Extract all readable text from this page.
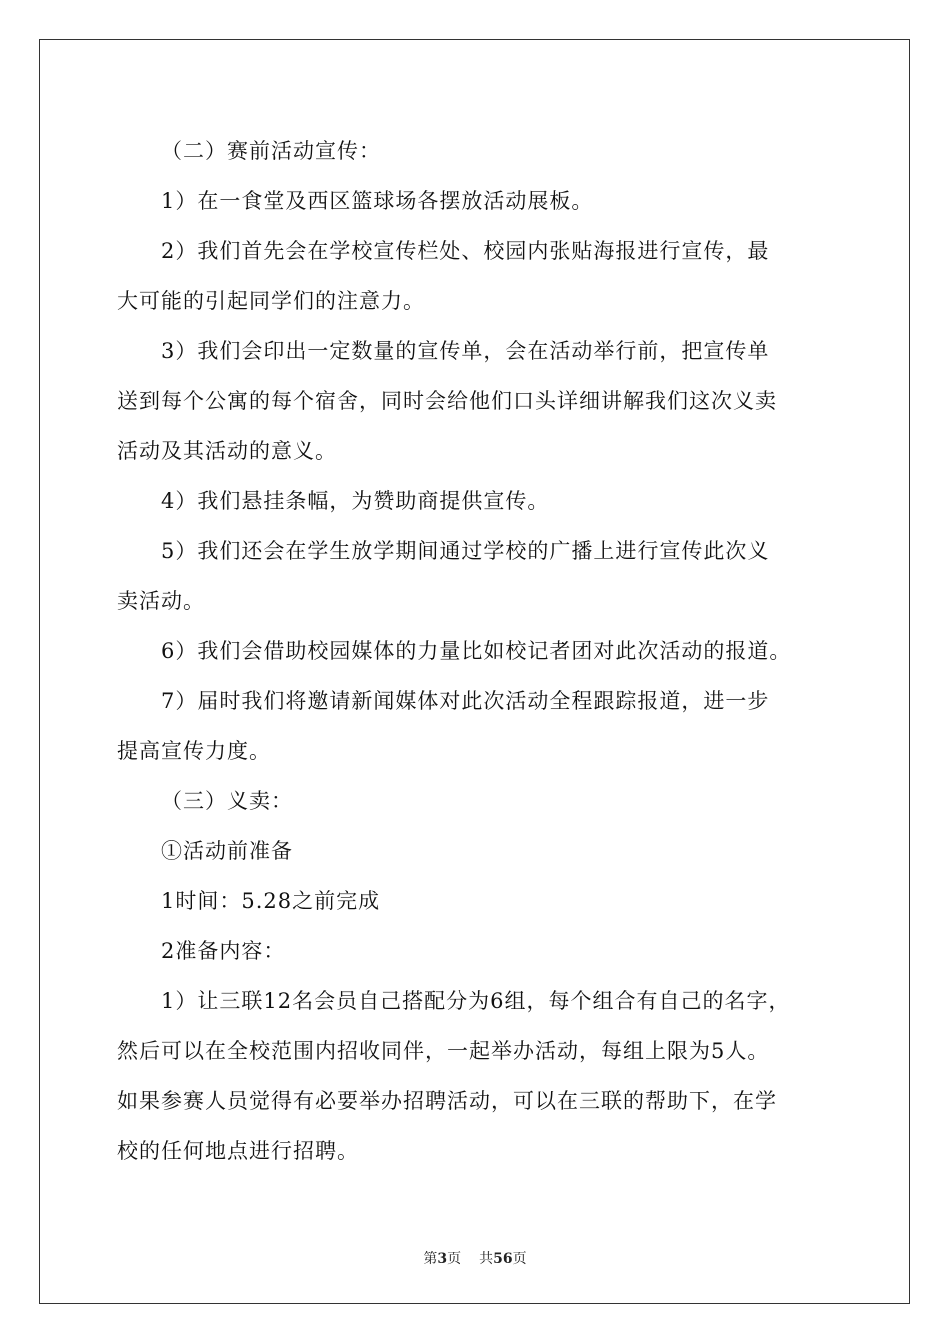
（二）赛前活动宣传：

1）在一食堂及西区篮球场各摆放活动展板。

2）我们首先会在学校宣传栏处、校园内张贴海报进行宣传，最

大可能的引起同学们的注意力。

3）我们会印出一定数量的宣传单，会在活动举行前，把宣传单

送到每个公寓的每个宿舍，同时会给他们口头详细讲解我们这次义卖

活动及其活动的意义。

4）我们悬挂条幅，为赞助商提供宣传。

5）我们还会在学生放学期间通过学校的广播上进行宣传此次义

卖活动。

6）我们会借助校园媒体的力量比如校记者团对此次活动的报道。

7）届时我们将邀请新闻媒体对此次活动全程跟踪报道，进一步

提高宣传力度。

（三）义卖：

①活动前准备

1时间：5.28之前完成

2准备内容：

1）让三联12名会员自己搭配分为6组，每个组合有自己的名字，

然后可以在全校范围内招收同伴，一起举办活动，每组上限为5人。

如果参赛人员觉得有必要举办招聘活动，可以在三联的帮助下，在学

校的任何地点进行招聘。

第3页 共56页
